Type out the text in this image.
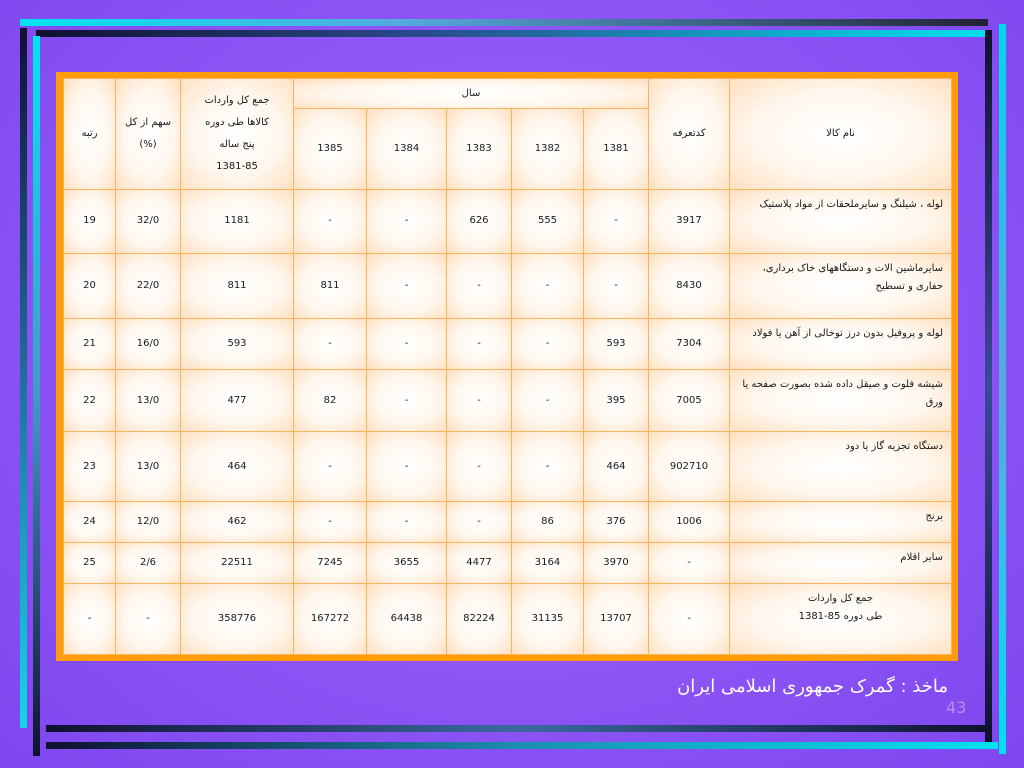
رتبه	سهم از کل (%)	جمع کل واردات
کالاها طی دوره
پنج ساله
1381-85	سال					کدتعرفه	نام کالا
			1385	1384	1383	1382	1381		
19	32/0	1181	-	-	626	555	-	3917	لوله ، شیلنگ و سایرملحقات از مواد پلاستیک
20	22/0	811	811	-	-	-	-	8430	سایرماشین الات و دستگاههای خاک برداری، حفاری و تسطیح
21	16/0	593	-	-	-	-	593	7304	لوله و پروفیل بدون درز توخالی از آهن یا فولاد
22	13/0	477	82	-	-	-	395	7005	شیشه فلوت و صیقل داده شده بصورت صفحه یا ورق
23	13/0	464	-	-	-	-	464	902710	دستگاه تجزیه گاز یا دود
24	12/0	462	-	-	-	86	376	1006	برنج
25	2/6	22511	7245	3655	4477	3164	3970	-	سایر اقلام
-	-	358776	167272	64438	82224	31135	13707	-	جمع کل واردات
طی دوره 85-1381
ماخذ : گمرک جمهوری اسلامی ایران
43
